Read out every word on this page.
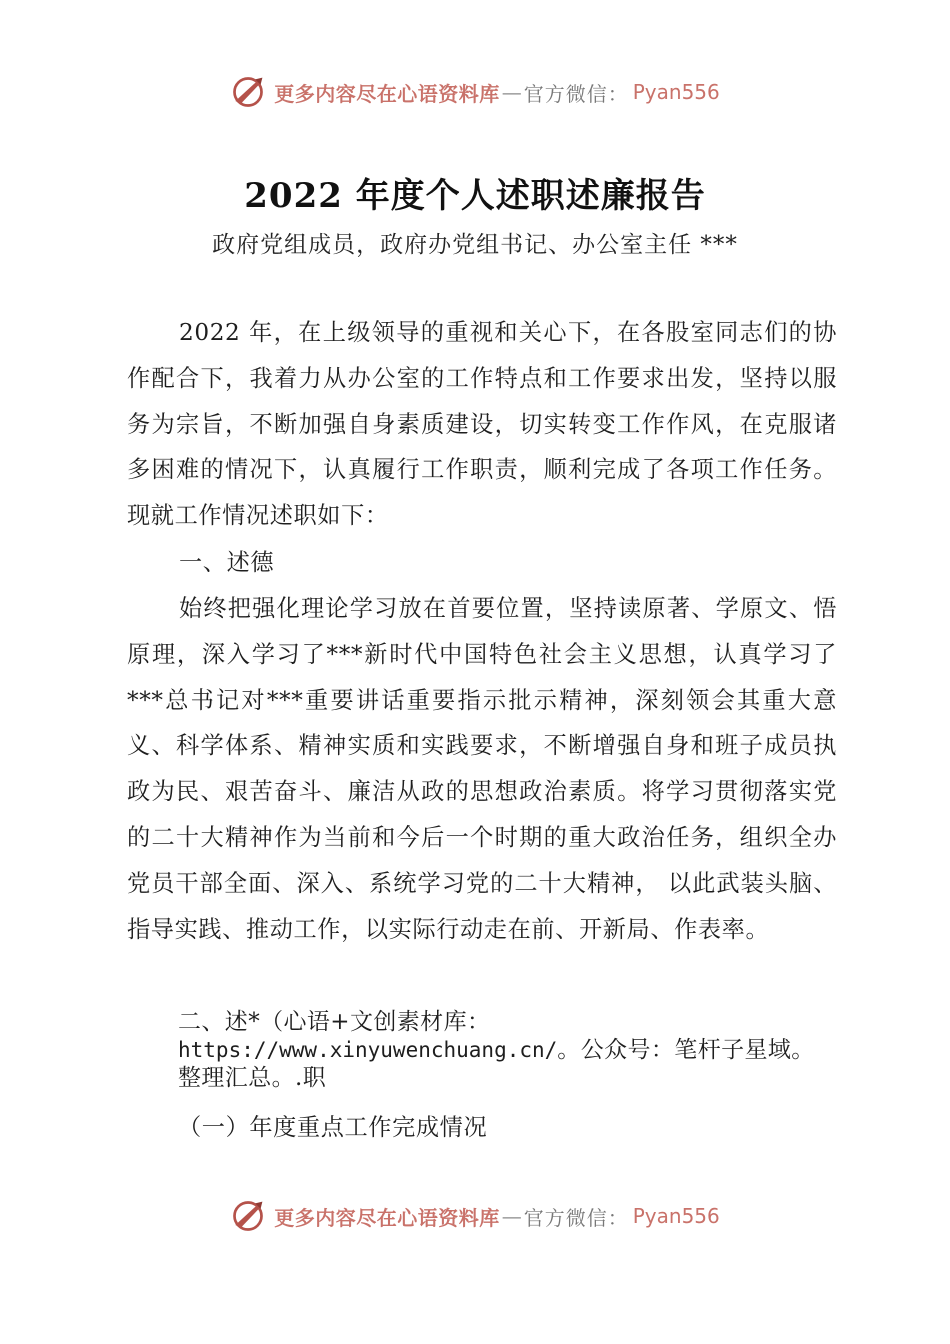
更多内容尽在心语资料库 — 官方微信： Pyan556
2022 年度个人述职述廉报告
政府党组成员，政府办党组书记、办公室主任 ***
2022 年，在上级领导的重视和关心下，在各股室同志们的协作配合下，我着力从办公室的工作特点和工作要求出发，坚持以服务为宗旨，不断加强自身素质建设，切实转变工作作风，在克服诸多困难的情况下，认真履行工作职责，顺利完成了各项工作任务。现就工作情况述职如下：
一、述德
始终把强化理论学习放在首要位置，坚持读原著、学原文、悟原理，深入学习了***新时代中国特色社会主义思想，认真学习了***总书记对***重要讲话重要指示批示精神，深刻领会其重大意义、科学体系、精神实质和实践要求，不断增强自身和班子成员执政为民、艰苦奋斗、廉洁从政的思想政治素质。将学习贯彻落实党的二十大精神作为当前和今后一个时期的重大政治任务，组织全办党员干部全面、深入、系统学习党的二十大精神， 以此武装头脑、指导实践、推动工作，以实际行动走在前、开新局、作表率。
二、述*（心语+文创素材库：https://www.xinyuwenchuang.cn/。公众号：笔杆子星域。整理汇总。.职
（一）年度重点工作完成情况
更多内容尽在心语资料库 — 官方微信： Pyan556
